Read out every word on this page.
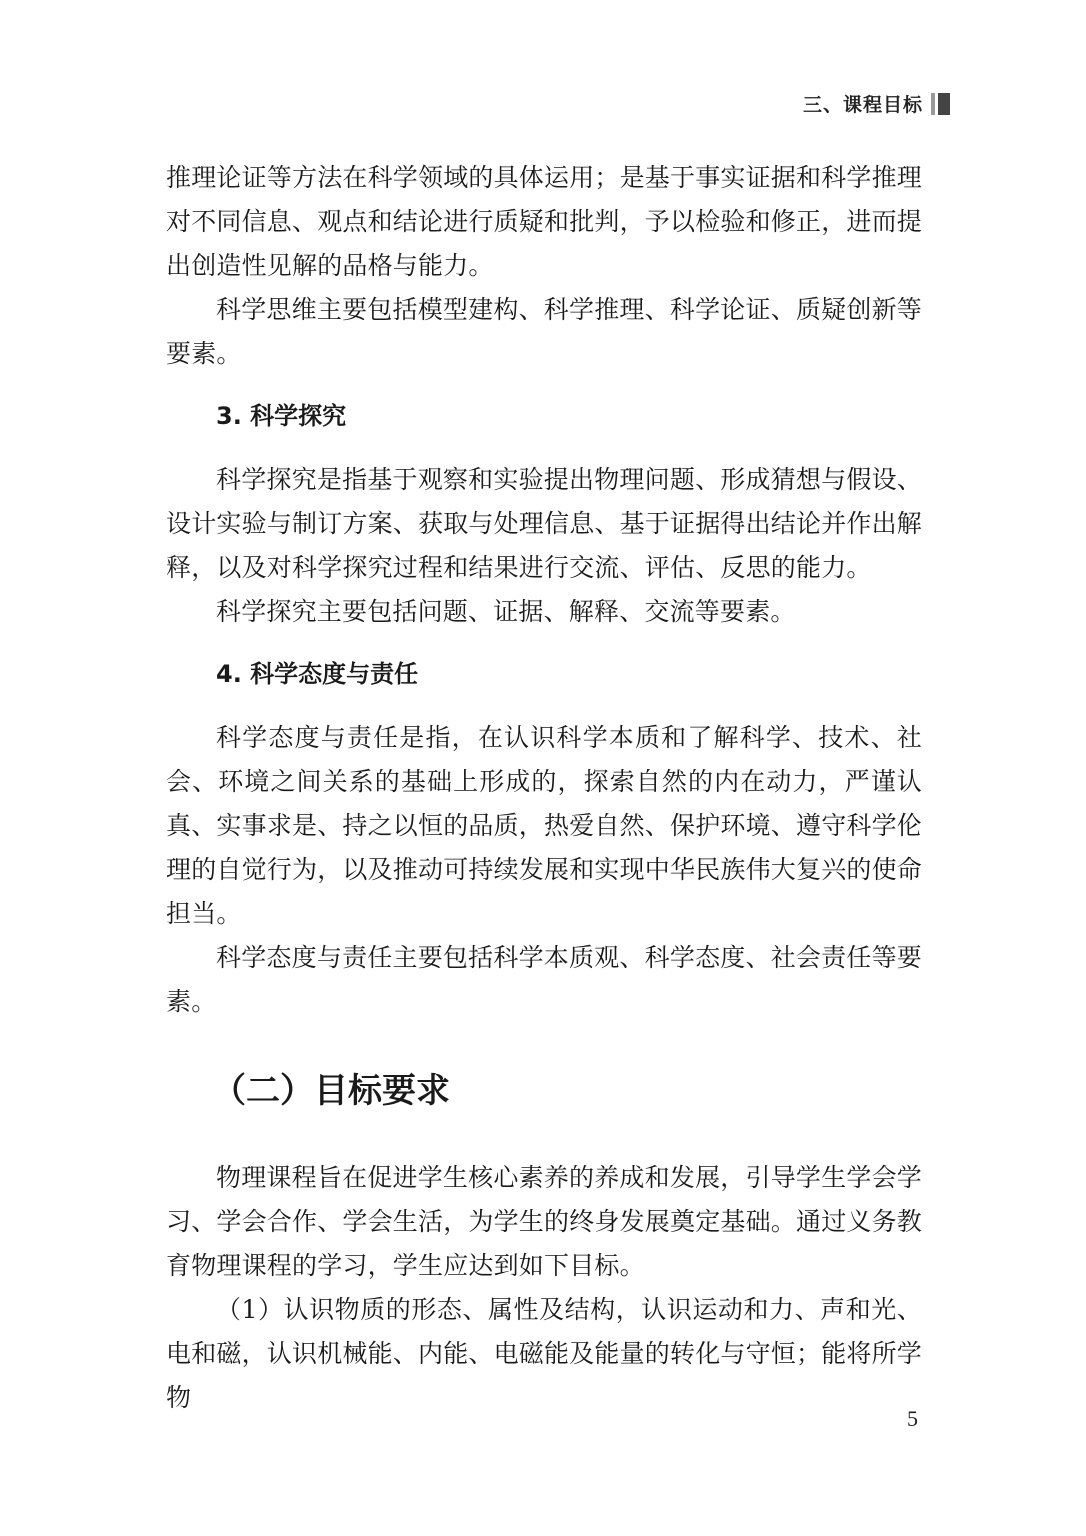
三、课程目标

推理论证等方法在科学领域的具体运用；是基于事实证据和科学推理对不同信息、观点和结论进行质疑和批判，予以检验和修正，进而提出创造性见解的品格与能力。

科学思维主要包括模型建构、科学推理、科学论证、质疑创新等要素。

3. 科学探究

科学探究是指基于观察和实验提出物理问题、形成猜想与假设、设计实验与制订方案、获取与处理信息、基于证据得出结论并作出解释，以及对科学探究过程和结果进行交流、评估、反思的能力。

科学探究主要包括问题、证据、解释、交流等要素。

4. 科学态度与责任

科学态度与责任是指，在认识科学本质和了解科学、技术、社会、环境之间关系的基础上形成的，探索自然的内在动力，严谨认真、实事求是、持之以恒的品质，热爱自然、保护环境、遵守科学伦理的自觉行为，以及推动可持续发展和实现中华民族伟大复兴的使命担当。

科学态度与责任主要包括科学本质观、科学态度、社会责任等要素。

（二）目标要求

物理课程旨在促进学生核心素养的养成和发展，引导学生学会学习、学会合作、学会生活，为学生的终身发展奠定基础。通过义务教育物理课程的学习，学生应达到如下目标。

（1）认识物质的形态、属性及结构，认识运动和力、声和光、电和磁，认识机械能、内能、电磁能及能量的转化与守恒；能将所学物

5
